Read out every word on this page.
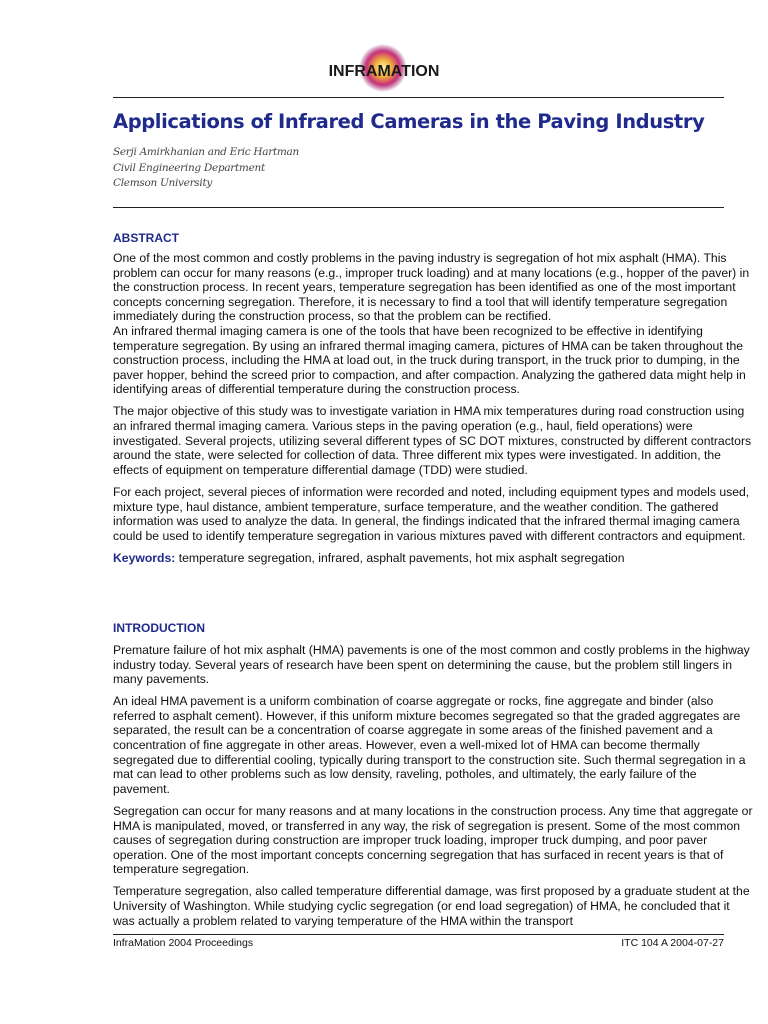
INFRAMATION
Applications of Infrared Cameras in the Paving Industry
Serji Amirkhanian and Eric Hartman
Civil Engineering Department
Clemson University
ABSTRACT

One of the most common and costly problems in the paving industry is segregation of hot mix asphalt (HMA). This problem can occur for many reasons (e.g., improper truck loading) and at many locations (e.g., hopper of the paver) in the construction process. In recent years, temperature segregation has been identified as one of the most important concepts concerning segregation. Therefore, it is necessary to find a tool that will identify temperature segregation immediately during the construction process, so that the problem can be rectified.

An infrared thermal imaging camera is one of the tools that have been recognized to be effective in identifying temperature segregation. By using an infrared thermal imaging camera, pictures of HMA can be taken throughout the construction process, including the HMA at load out, in the truck during transport, in the truck prior to dumping, in the paver hopper, behind the screed prior to compaction, and after compaction. Analyzing the gathered data might help in identifying areas of differential temperature during the construction process.

The major objective of this study was to investigate variation in HMA mix temperatures during road construction using an infrared thermal imaging camera. Various steps in the paving operation (e.g., haul, field operations) were investigated. Several projects, utilizing several different types of SC DOT mixtures, constructed by different contractors around the state, were selected for collection of data. Three different mix types were investigated. In addition, the effects of equipment on temperature differential damage (TDD) were studied.

For each project, several pieces of information were recorded and noted, including equipment types and models used, mixture type, haul distance, ambient temperature, surface temperature, and the weather condition. The gathered information was used to analyze the data. In general, the findings indicated that the infrared thermal imaging camera could be used to identify temperature segregation in various mixtures paved with different contractors and equipment.

Keywords: temperature segregation, infrared, asphalt pavements, hot mix asphalt segregation

INTRODUCTION

Premature failure of hot mix asphalt (HMA) pavements is one of the most common and costly problems in the highway industry today. Several years of research have been spent on determining the cause, but the problem still lingers in many pavements.

An ideal HMA pavement is a uniform combination of coarse aggregate or rocks, fine aggregate and binder (also referred to asphalt cement). However, if this uniform mixture becomes segregated so that the graded aggregates are separated, the result can be a concentration of coarse aggregate in some areas of the finished pavement and a concentration of fine aggregate in other areas. However, even a well-mixed lot of HMA can become thermally segregated due to differential cooling, typically during transport to the construction site. Such thermal segregation in a mat can lead to other problems such as low density, raveling, potholes, and ultimately, the early failure of the pavement.

Segregation can occur for many reasons and at many locations in the construction process. Any time that aggregate or HMA is manipulated, moved, or transferred in any way, the risk of segregation is present. Some of the most common causes of segregation during construction are improper truck loading, improper truck dumping, and poor paver operation. One of the most important concepts concerning segregation that has surfaced in recent years is that of temperature segregation.

Temperature segregation, also called temperature differential damage, was first proposed by a graduate student at the University of Washington. While studying cyclic segregation (or end load segregation) of HMA, he concluded that it was actually a problem related to varying temperature of the HMA within the transport

InfraMation 2004 Proceedings	ITC 104 A 2004-07-27
